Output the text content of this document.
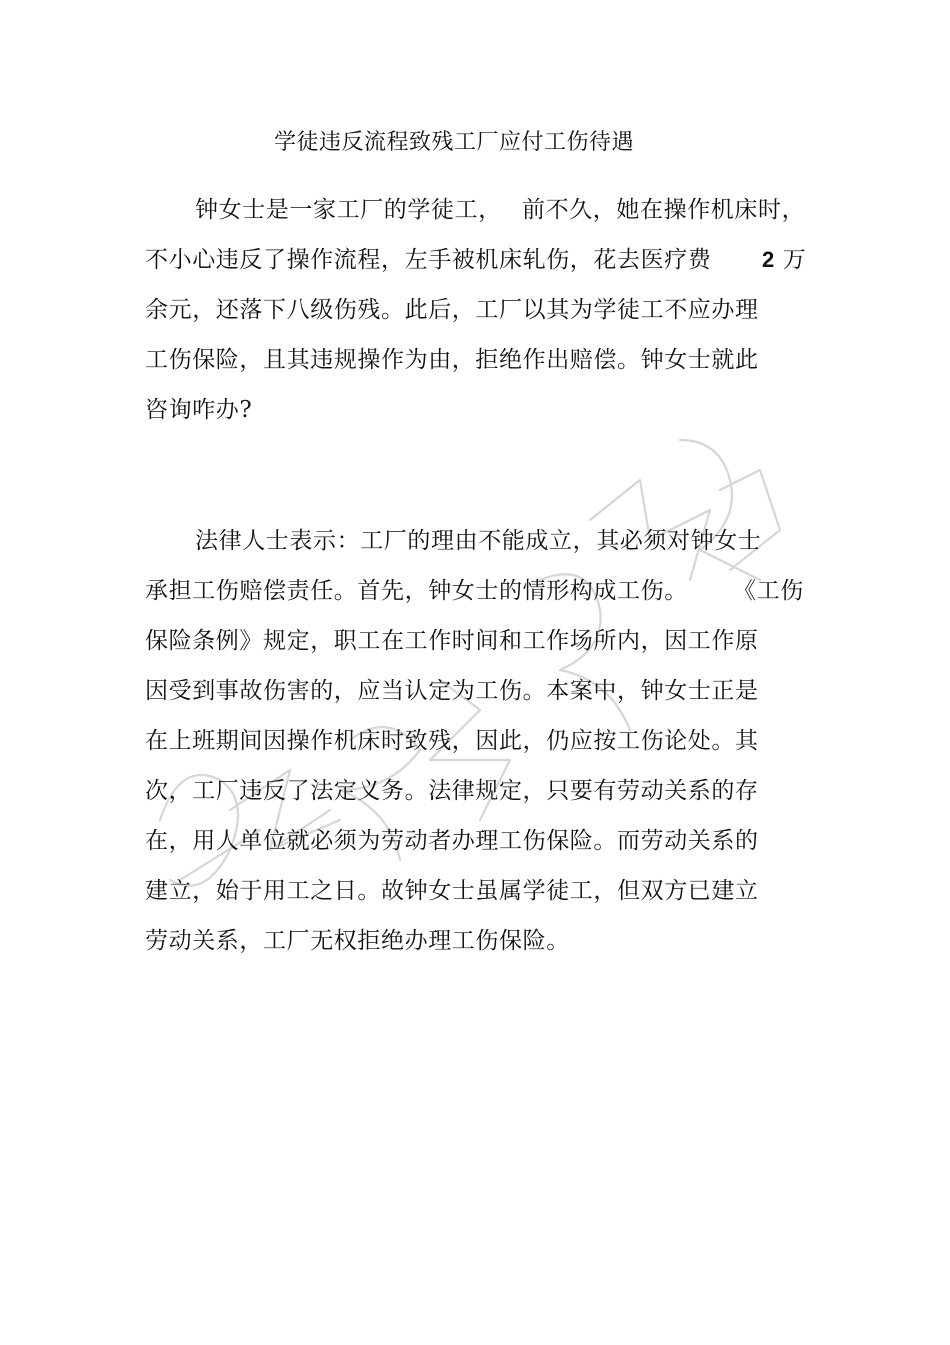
学徒违反流程致残工厂应付工伤待遇
钟女士是一家工厂的学徒工， 前不久，她在操作机床时，
不小心违反了操作流程，左手被机床轧伤，花去医疗费 2 万
余元，还落下八级伤残。此后，工厂以其为学徒工不应办理
工伤保险，且其违规操作为由，拒绝作出赔偿。钟女士就此
咨询咋办?
法律人士表示：工厂的理由不能成立，其必须对钟女士
承担工伤赔偿责任。首先，钟女士的情形构成工伤。 《工伤
保险条例》规定，职工在工作时间和工作场所内，因工作原
因受到事故伤害的，应当认定为工伤。本案中，钟女士正是
在上班期间因操作机床时致残，因此，仍应按工伤论处。其
次，工厂违反了法定义务。法律规定，只要有劳动关系的存
在，用人单位就必须为劳动者办理工伤保险。而劳动关系的
建立，始于用工之日。故钟女士虽属学徒工，但双方已建立
劳动关系，工厂无权拒绝办理工伤保险。
